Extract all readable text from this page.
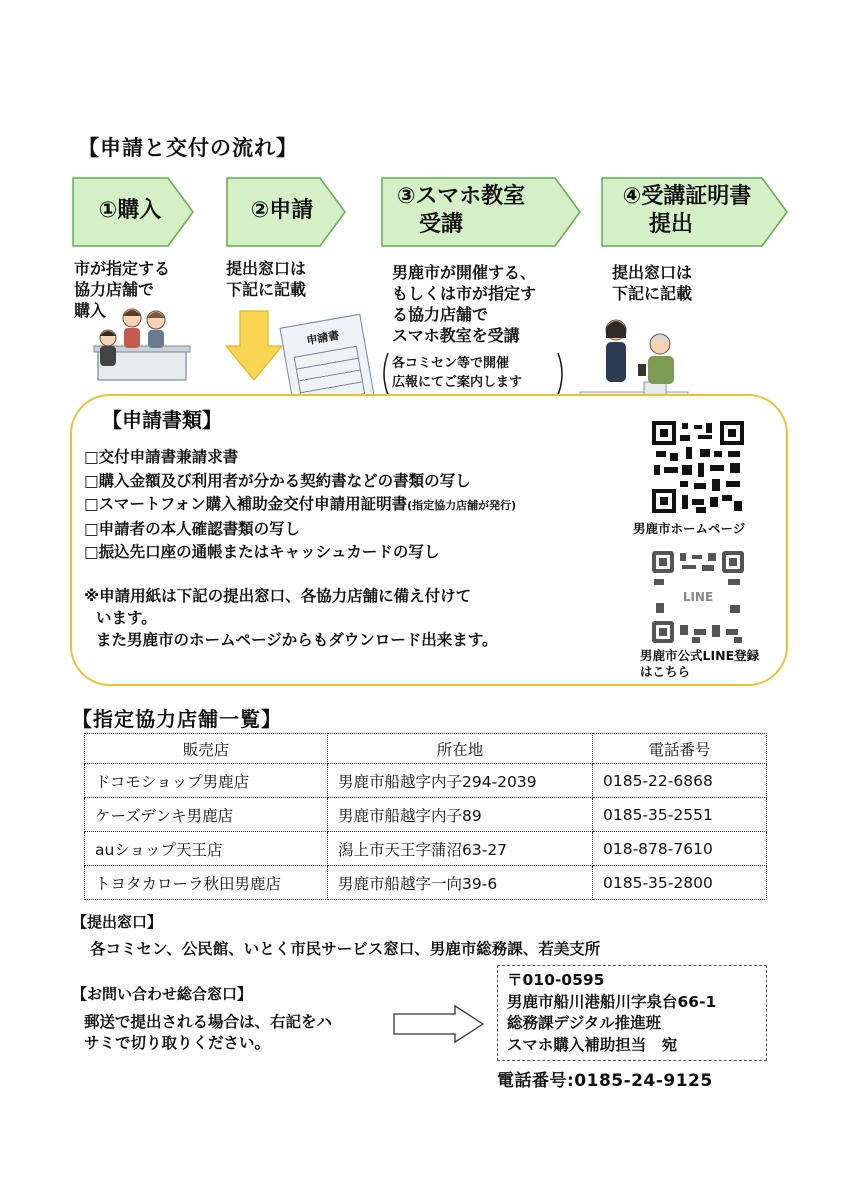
【申請と交付の流れ】
①購入	②申請
③スマホ教室
受講
④受講証明書
提出
市が指定する
協力店舗で
購入
提出窓口は
下記に記載
男鹿市が開催する、
もしくは市が指定す
る協力店舗で
スマホ教室を受講
提出窓口は
下記に記載
各コミセン等で開催
広報にてご案内します
申請書
【申請書類】
□交付申請書兼請求書
□購入金額及び利用者が分かる契約書などの書類の写し
□スマートフォン購入補助金交付申請用証明書(指定協力店舗が発行)
□申請者の本人確認書類の写し
□振込先口座の通帳またはキャッシュカードの写し
※申請用紙は下記の提出窓口、各協力店舗に備え付けて
います。
また男鹿市のホームページからもダウンロード出来ます。
男鹿市ホームページ
LINE
男鹿市公式LINE登録
はこちら
【指定協力店舗一覧】
販売店	所在地	電話番号
ドコモショップ男鹿店	男鹿市船越字内子294-2039	0185-22-6868
ケーズデンキ男鹿店	男鹿市船越字内子89	0185-35-2551
auショップ天王店	潟上市天王字蒲沼63-27	018-878-7610
トヨタカローラ秋田男鹿店	男鹿市船越字一向39-6	0185-35-2800
【提出窓口】
各コミセン、公民館、いとく市民サービス窓口、男鹿市総務課、若美支所
【お問い合わせ総合窓口】
郵送で提出される場合は、右記をハ
サミで切り取りください。
〒010-0595
男鹿市船川港船川字泉台66-1
総務課デジタル推進班
スマホ購入補助担当　宛
電話番号:0185-24-9125
